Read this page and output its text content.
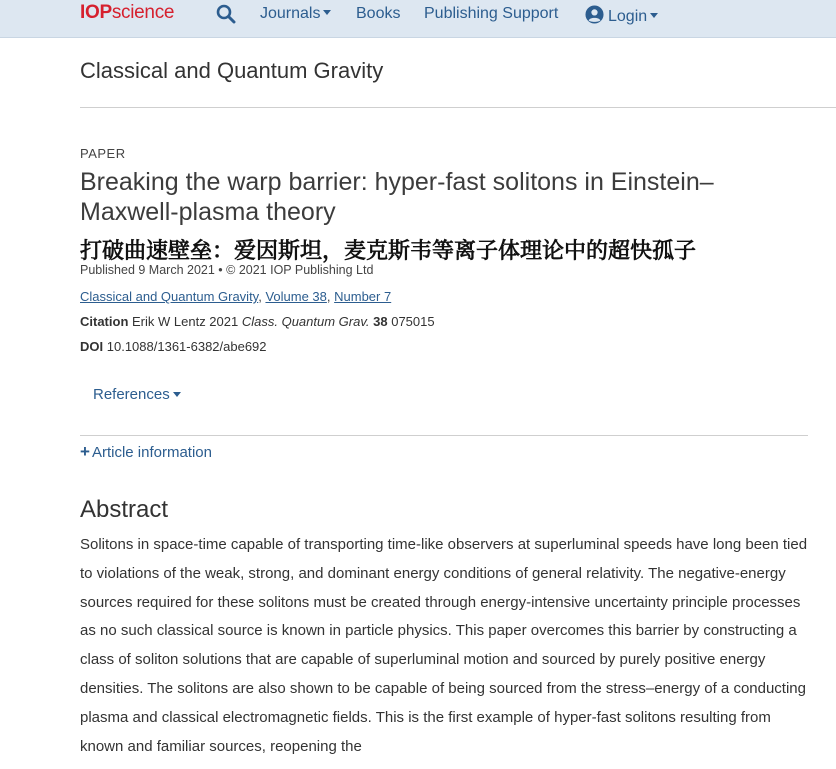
IOPscience	Journals	Books Publishing Support	Login
Classical and Quantum Gravity
PAPER
Breaking the warp barrier: hyper-fast solitons in Einstein–Maxwell-plasma theory
打破曲速壁垒：爱因斯坦，麦克斯韦等离子体理论中的超快孤子
Published 9 March 2021 • © 2021 IOP Publishing Ltd
Classical and Quantum Gravity, Volume 38, Number 7
Citation Erik W Lentz 2021 Class. Quantum Grav. 38 075015
DOI 10.1088/1361-6382/abe692
References
+ Article information
Abstract

Solitons in space-time capable of transporting time-like observers at superluminal speeds have long been tied to violations of the weak, strong, and dominant energy conditions of general relativity. The negative-energy sources required for these solitons must be created through energy-intensive uncertainty principle processes as no such classical source is known in particle physics. This paper overcomes this barrier by constructing a class of soliton solutions that are capable of superluminal motion and sourced by purely positive energy densities. The solitons are also shown to be capable of being sourced from the stress–energy of a conducting plasma and classical electromagnetic fields. This is the first example of hyper-fast solitons resulting from known and familiar sources, reopening the
